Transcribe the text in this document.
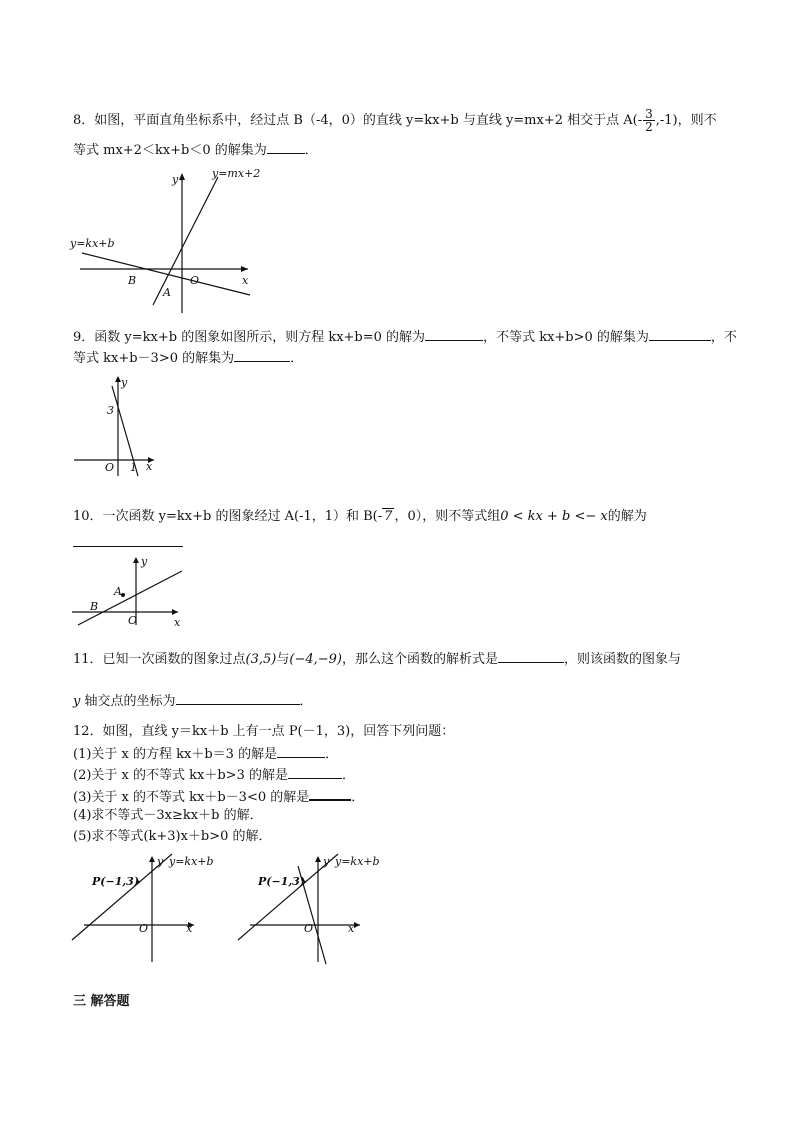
8．如图，平面直角坐标系中，经过点 B（-4，0）的直线 y=kx+b 与直线 y=mx+2 相交于点 $A(- \frac{3}{2} ,-1)$，则不
等式 mx+2＜kx+b＜0 的解集为	．
y=kx+b
y=mx+2
y
x
O
B
A
9．函数 y=kx+b 的图象如图所示，则方程 kx+b=0 的解为	，不等式 kx+b>0 的解集为	，不
等式 kx+b－3>0 的解集为	．
y
x
O
3
1
10．一次函数 y=kx+b 的图象经过 A(-1，1）和 B(- 7 ，0），则不等式组0 < kx + b <− x的解为
y
x
O
A
B
11．已知一次函数的图象过点(3,5)与(−4,−9)，那么这个函数的解析式是	，则该函数的图象与
y 轴交点的坐标为	．
12．如图，直线 y＝kx＋b 上有一点 P(－1，3)，回答下列问题：
(1)关于 x 的方程 kx＋b＝3 的解是	．
(2)关于 x 的不等式 kx＋b>3 的解是	．
(3)关于 x 的不等式 kx＋b－3<0 的解是	．
(4)求不等式－3x≥kx＋b 的解．
(5)求不等式(k+3)x＋b>0 的解．
P(−1,3)
y y=kx+b
x
O
P(−1,3)
y y=kx+b
x
O
三 解答题
